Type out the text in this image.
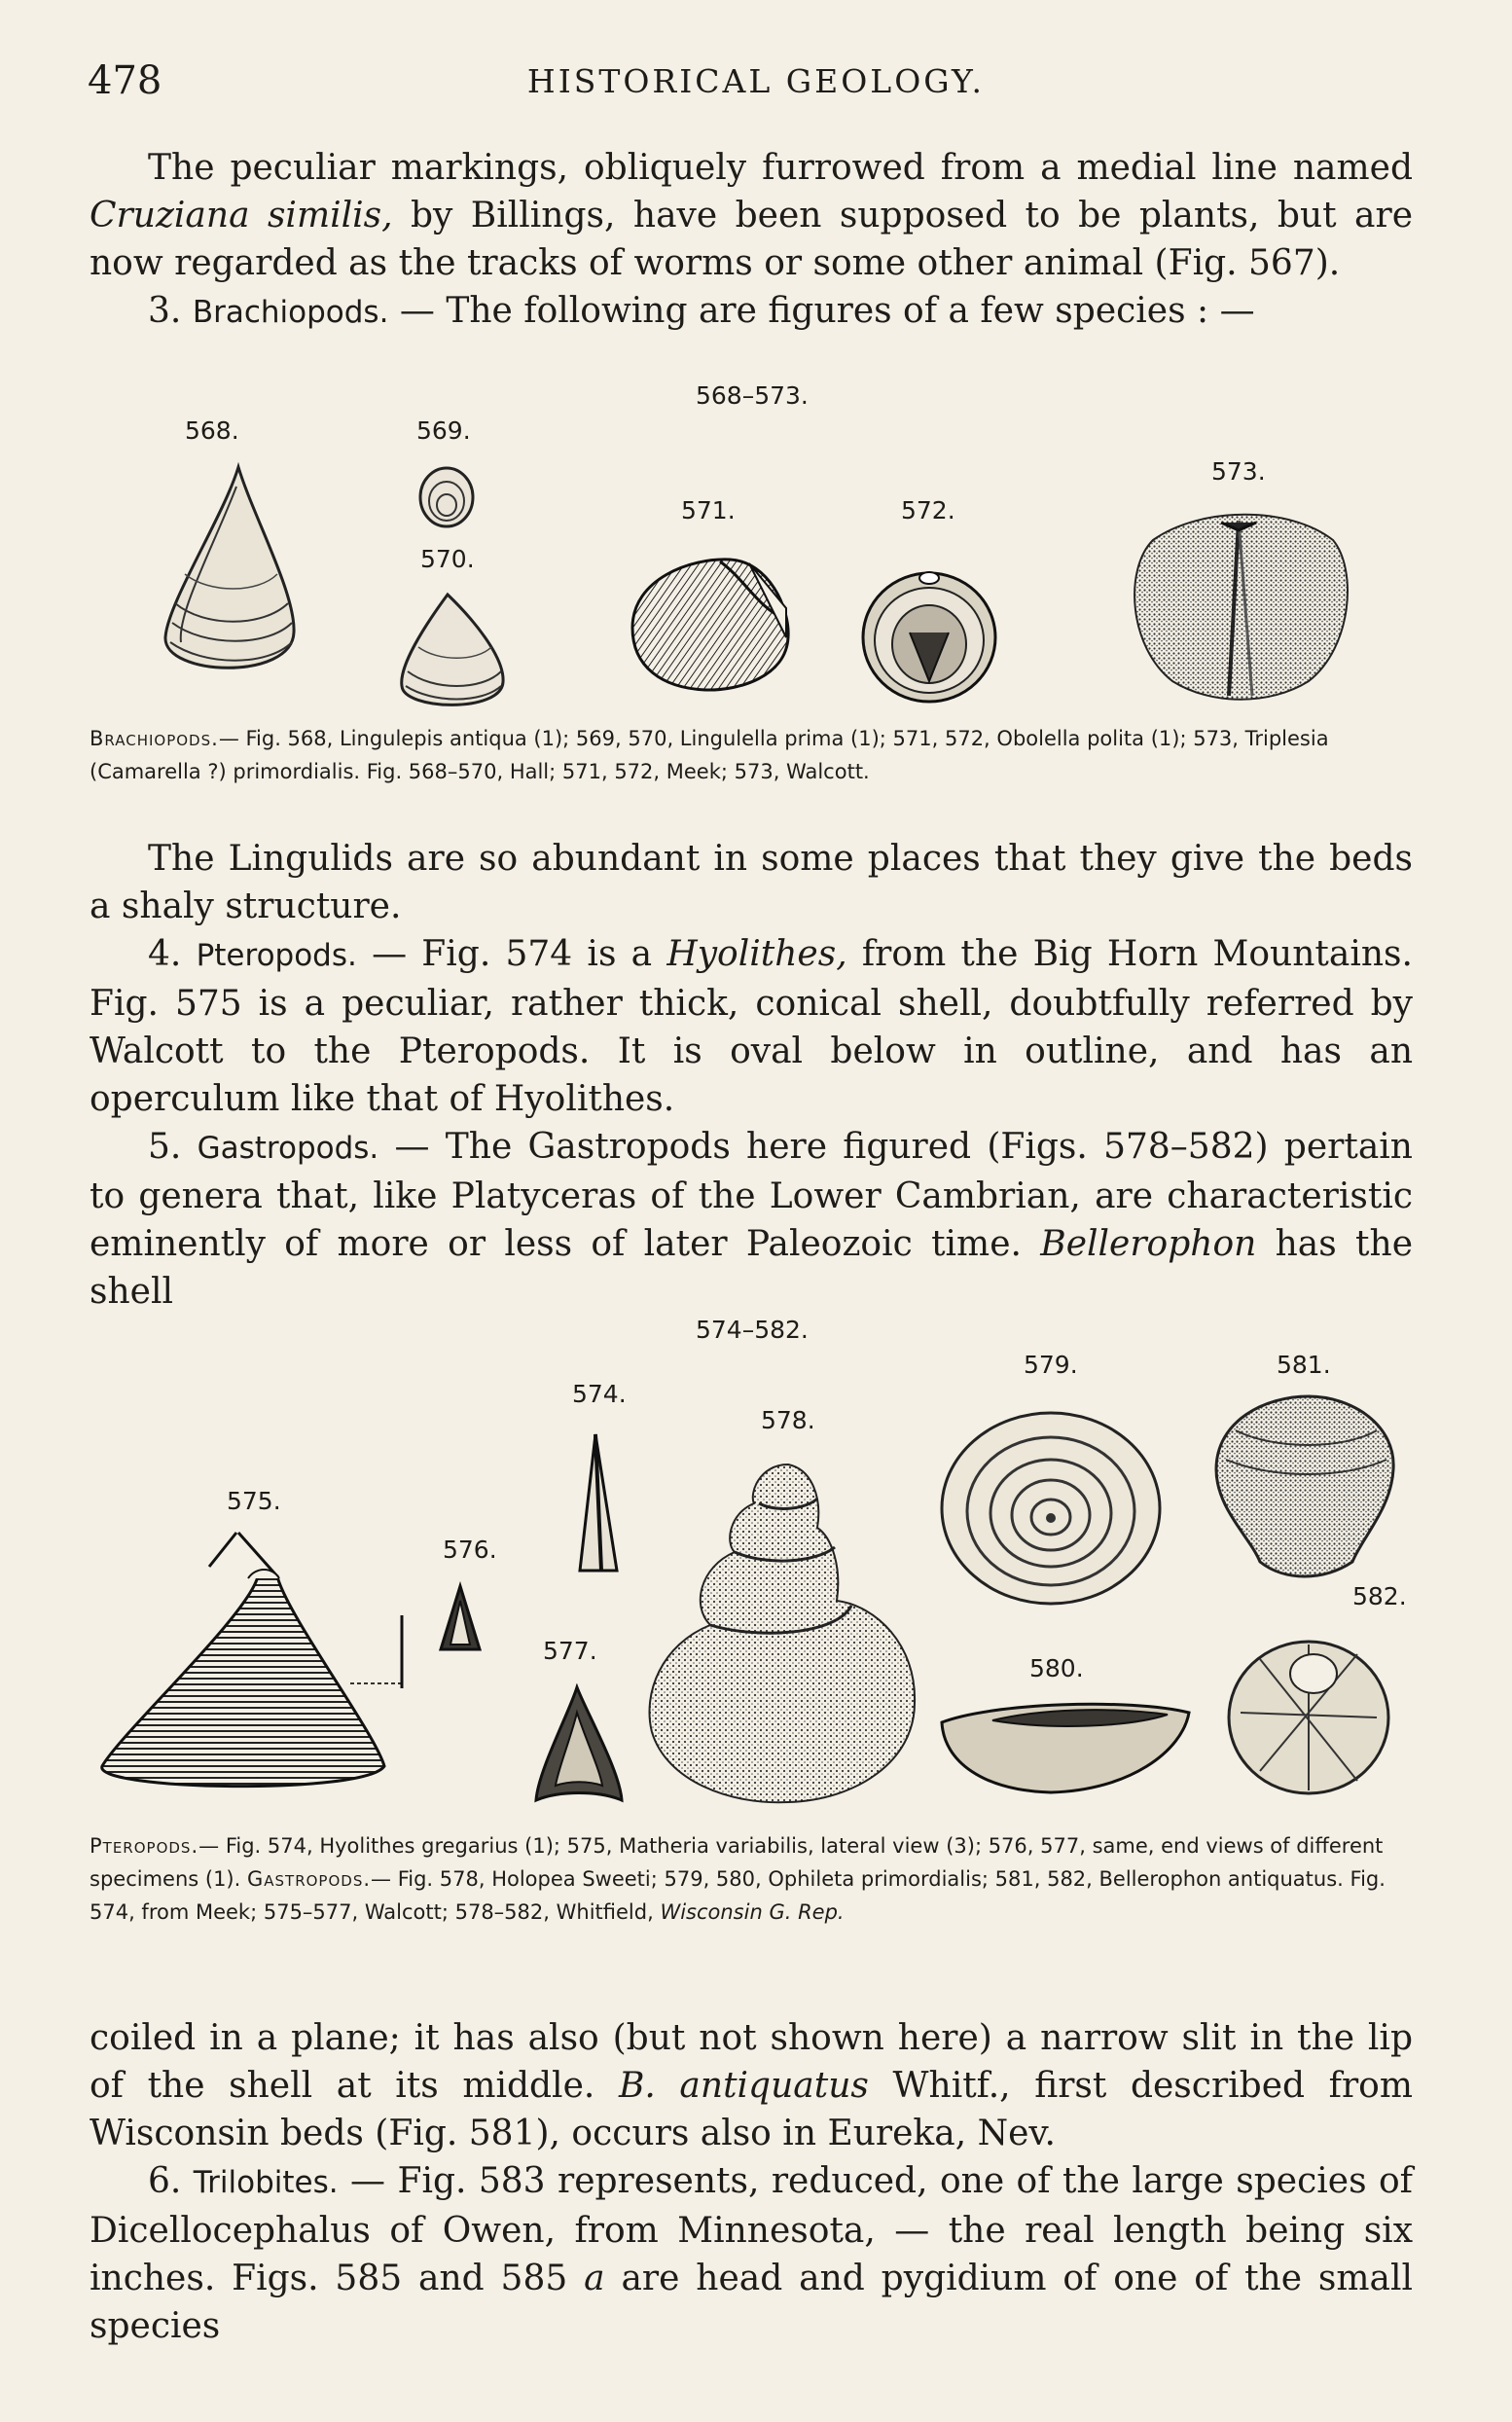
478	HISTORICAL GEOLOGY.

The peculiar markings, obliquely furrowed from a medial line named Cruziana similis, by Billings, have been supposed to be plants, but are now regarded as the tracks of worms or some other animal (Fig. 567).

3. Brachiopods. — The following are figures of a few species : —

568–573.
568.	569.
570.
571.	572.
573.
Brachiopods.— Fig. 568, Lingulepis antiqua (1); 569, 570, Lingulella prima (1); 571, 572, Obolella polita (1); 573, Triplesia (Camarella ?) primordialis. Fig. 568–570, Hall; 571, 572, Meek; 573, Walcott.

The Lingulids are so abundant in some places that they give the beds a shaly structure.

4. Pteropods. — Fig. 574 is a Hyolithes, from the Big Horn Mountains. Fig. 575 is a peculiar, rather thick, conical shell, doubtfully referred by Walcott to the Pteropods. It is oval below in outline, and has an operculum like that of Hyolithes.

5. Gastropods. — The Gastropods here figured (Figs. 578–582) pertain to genera that, like Platyceras of the Lower Cambrian, are characteristic eminently of more or less of later Paleozoic time. Bellerophon has the shell

574–582.
574.
575.
576.
577.
578.
579.
580.
581.
582.
Pteropods.— Fig. 574, Hyolithes gregarius (1); 575, Matheria variabilis, lateral view (3); 576, 577, same, end views of different specimens (1). Gastropods.— Fig. 578, Holopea Sweeti; 579, 580, Ophileta primordialis; 581, 582, Bellerophon antiquatus. Fig. 574, from Meek; 575–577, Walcott; 578–582, Whitfield, Wisconsin G. Rep.

coiled in a plane; it has also (but not shown here) a narrow slit in the lip of the shell at its middle. B. antiquatus Whitf., first described from Wisconsin beds (Fig. 581), occurs also in Eureka, Nev.

6. Trilobites. — Fig. 583 represents, reduced, one of the large species of Dicellocephalus of Owen, from Minnesota, — the real length being six inches. Figs. 585 and 585 a are head and pygidium of one of the small species
